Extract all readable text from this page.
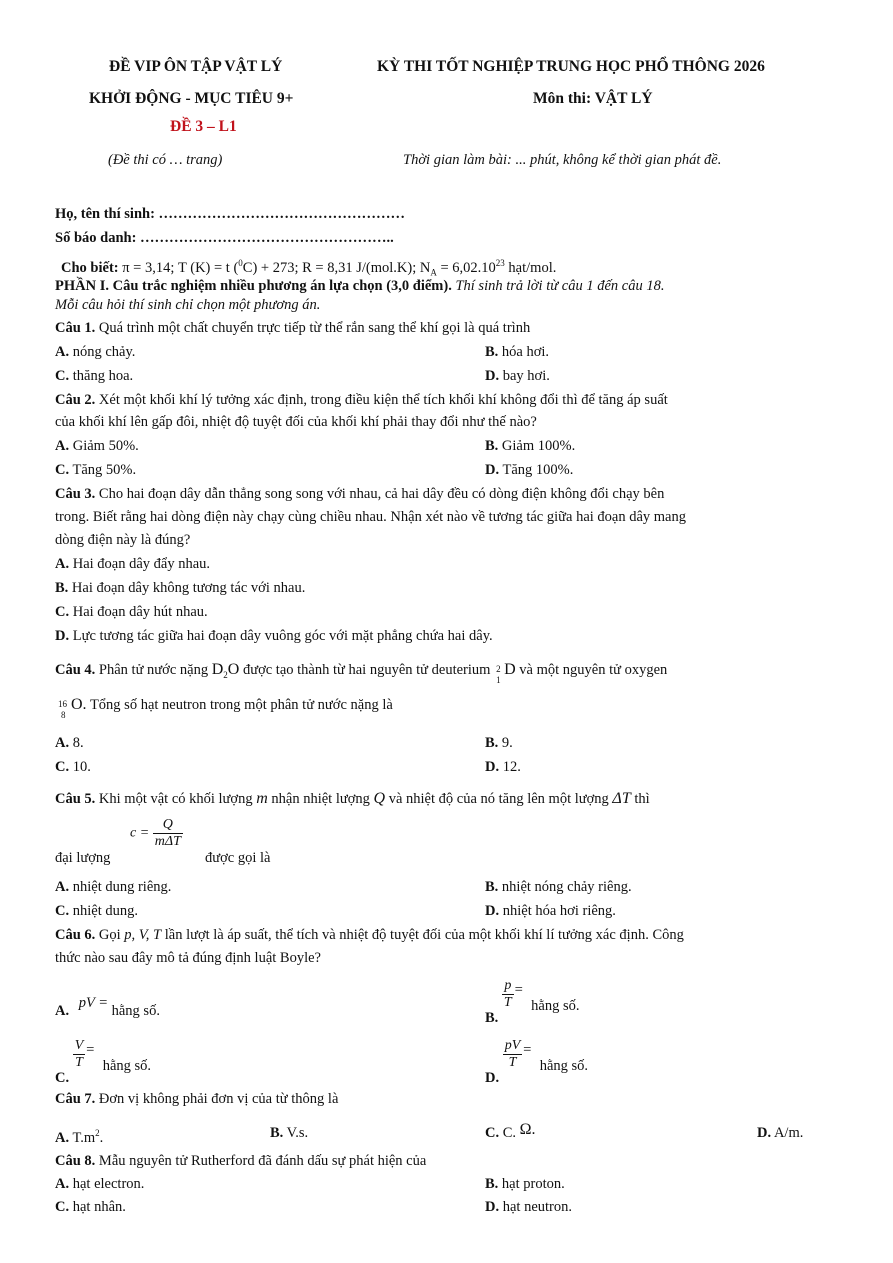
ĐỀ VIP ÔN TẬP VẬT LÝ
KHỞI ĐỘNG - MỤC TIÊU 9+
ĐỀ 3 – L1
(Đề thi có … trang)
KỲ THI TỐT NGHIỆP TRUNG HỌC PHỔ THÔNG 2026
Môn thi: VẬT LÝ
Thời gian làm bài: ... phút, không kể thời gian phát đề.
Họ, tên thí sinh: ……………………………………………
Số báo danh: ……………………………………………..
Cho biết: π = 3,14; T (K) = t ($^0$C) + 273; R = 8,31 J/(mol.K); $N_A = 6,02.10^{23}$ hạt/mol.
PHẦN I. Câu trắc nghiệm nhiều phương án lựa chọn (3,0 điểm). Thí sinh trả lời từ câu 1 đến câu 18.
Mỗi câu hỏi thí sinh chỉ chọn một phương án.
Câu 1. Quá trình một chất chuyển trực tiếp từ thể rắn sang thể khí gọi là quá trình
A. nóng chảy.	B. hóa hơi.
C. thăng hoa.	D. bay hơi.
Câu 2. Xét một khối khí lý tưởng xác định, trong điều kiện thể tích khối khí không đổi thì để tăng áp suất
của khối khí lên gấp đôi, nhiệt độ tuyệt đối của khối khí phải thay đổi như thế nào?
A. Giảm 50%.	B. Giảm 100%.
C. Tăng 50%.	D. Tăng 100%.
Câu 3. Cho hai đoạn dây dẫn thẳng song song với nhau, cả hai dây đều có dòng điện không đổi chạy bên
trong. Biết rằng hai dòng điện này chạy cùng chiều nhau. Nhận xét nào về tương tác giữa hai đoạn dây mang
dòng điện này là đúng?
A. Hai đoạn dây đẩy nhau.
B. Hai đoạn dây không tương tác với nhau.
C. Hai đoạn dây hút nhau.
D. Lực tương tác giữa hai đoạn dây vuông góc với mặt phẳng chứa hai dây.
Câu 4. Phân tử nước nặng $D_2O$ được tạo thành từ hai nguyên tử deuterium 2
1
D và một nguyên tử oxygen
16
8
O. Tổng số hạt neutron trong một phân tử nước nặng là
A. 8.	B. 9.
C. 10.	D. 12.
Câu 5. Khi một vật có khối lượng m nhận nhiệt lượng Q và nhiệt độ của nó tăng lên một lượng ΔT thì
đại lượng
$c = \frac{Q}{\text{mΔT}}$
được gọi là
A. nhiệt dung riêng.	B. nhiệt nóng chảy riêng.
C. nhiệt dung.	D. nhiệt hóa hơi riêng.
Câu 6. Gọi p, V, T lần lượt là áp suất, thể tích và nhiệt độ tuyệt đối của một khối khí lí tưởng xác định. Công
thức nào sau đây mô tả đúng định luật Boyle?
A. pV = hằng số.	B.
$\frac{p}{T}$ = hằng số.
C.
$\frac{V}{T}$ = hằng số.
D.
$\frac{pV}{T}$ = hằng số.
Câu 7. Đơn vị không phải đơn vị của từ thông là
A. $T.m^2$.	B. V.s.	C. C. Ω.	D. A/m.
Câu 8. Mẫu nguyên tử Rutherford đã đánh dấu sự phát hiện của
A. hạt electron.	B. hạt proton.
C. hạt nhân.	D. hạt neutron.
